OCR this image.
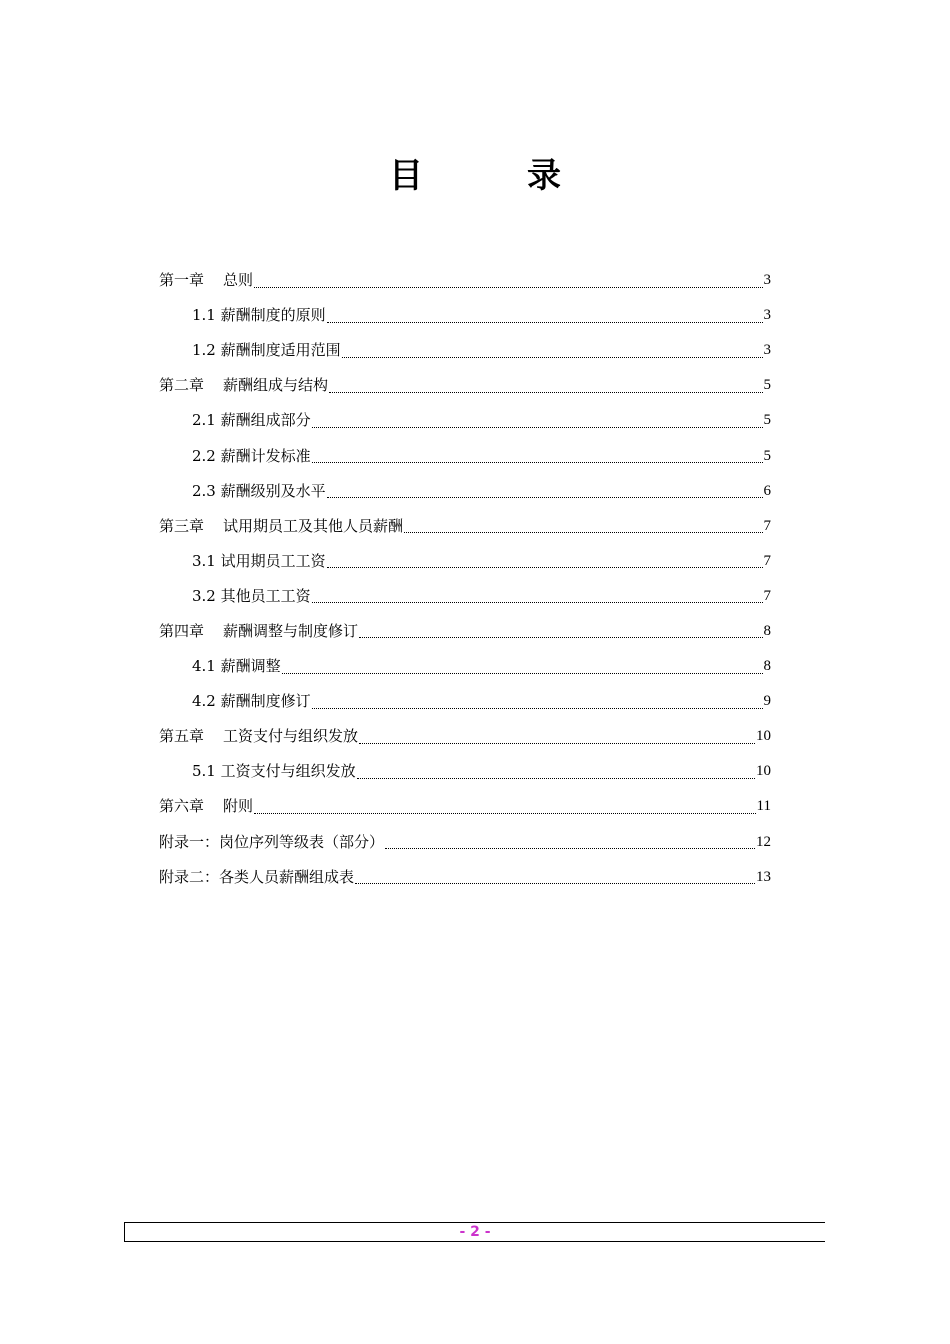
目	录
第一章 总则	3
1.1 薪酬制度的原则	3
1.2 薪酬制度适用范围	3
第二章 薪酬组成与结构	5
2.1 薪酬组成部分	5
2.2 薪酬计发标准	5
2.3 薪酬级别及水平	6
第三章 试用期员工及其他人员薪酬	7
3.1 试用期员工工资	7
3.2 其他员工工资	7
第四章 薪酬调整与制度修订	8
4.1 薪酬调整	8
4.2 薪酬制度修订	9
第五章 工资支付与组织发放	10
5.1 工资支付与组织发放	10
第六章 附则	11
附录一：岗位序列等级表（部分）	12
附录二：各类人员薪酬组成表	13
- 2 -
